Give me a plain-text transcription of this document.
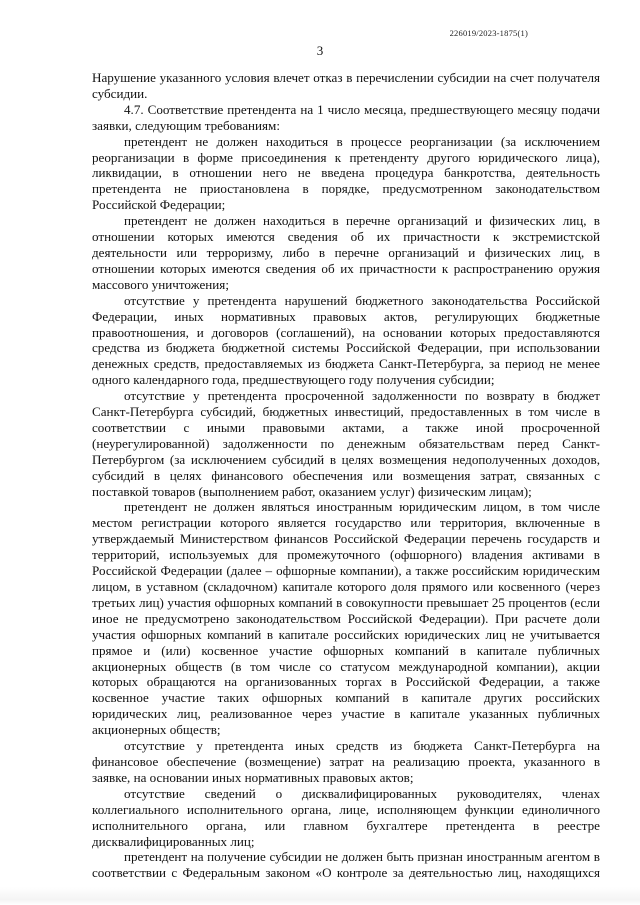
226019/2023-1875(1)
3

Нарушение указанного условия влечет отказ в перечислении субсидии на счет получателя субсидии.

4.7. Соответствие претендента на 1 число месяца, предшествующего месяцу подачи заявки, следующим требованиям:

претендент не должен находиться в процессе реорганизации (за исключением реорганизации в форме присоединения к претенденту другого юридического лица), ликвидации, в отношении него не введена процедура банкротства, деятельность претендента не приостановлена в порядке, предусмотренном законодательством Российской Федерации;

претендент не должен находиться в перечне организаций и физических лиц, в отношении которых имеются сведения об их причастности к экстремистской деятельности или терроризму, либо в перечне организаций и физических лиц, в отношении которых имеются сведения об их причастности к распространению оружия массового уничтожения;

отсутствие у претендента нарушений бюджетного законодательства Российской Федерации, иных нормативных правовых актов, регулирующих бюджетные правоотношения, и договоров (соглашений), на основании которых предоставляются средства из бюджета бюджетной системы Российской Федерации, при использовании денежных средств, предоставляемых из бюджета Санкт-Петербурга, за период не менее одного календарного года, предшествующего году получения субсидии;

отсутствие у претендента просроченной задолженности по возврату в бюджет Санкт-Петербурга субсидий, бюджетных инвестиций, предоставленных в том числе в соответствии с иными правовыми актами, а также иной просроченной (неурегулированной) задолженности по денежным обязательствам перед Санкт-Петербургом (за исключением субсидий в целях возмещения недополученных доходов, субсидий в целях финансового обеспечения или возмещения затрат, связанных с поставкой товаров (выполнением работ, оказанием услуг) физическим лицам);

претендент не должен являться иностранным юридическим лицом, в том числе местом регистрации которого является государство или территория, включенные в утверждаемый Министерством финансов Российской Федерации перечень государств и территорий, используемых для промежуточного (офшорного) владения активами в Российской Федерации (далее – офшорные компании), а также российским юридическим лицом, в уставном (складочном) капитале которого доля прямого или косвенного (через третьих лиц) участия офшорных компаний в совокупности превышает 25 процентов (если иное не предусмотрено законодательством Российской Федерации). При расчете доли участия офшорных компаний в капитале российских юридических лиц не учитывается прямое и (или) косвенное участие офшорных компаний в капитале публичных акционерных обществ (в том числе со статусом международной компании), акции которых обращаются на организованных торгах в Российской Федерации, а также косвенное участие таких офшорных компаний в капитале других российских юридических лиц, реализованное через участие в капитале указанных публичных акционерных обществ;

отсутствие у претендента иных средств из бюджета Санкт-Петербурга на финансовое обеспечение (возмещение) затрат на реализацию проекта, указанного в заявке, на основании иных нормативных правовых актов;

отсутствие сведений о дисквалифицированных руководителях, членах коллегиального исполнительного органа, лице, исполняющем функции единоличного исполнительного органа, или главном бухгалтере претендента в реестре дисквалифицированных лиц;

претендент на получение субсидии не должен быть признан иностранным агентом в соответствии с Федеральным законом «О контроле за деятельностью лиц, находящихся
